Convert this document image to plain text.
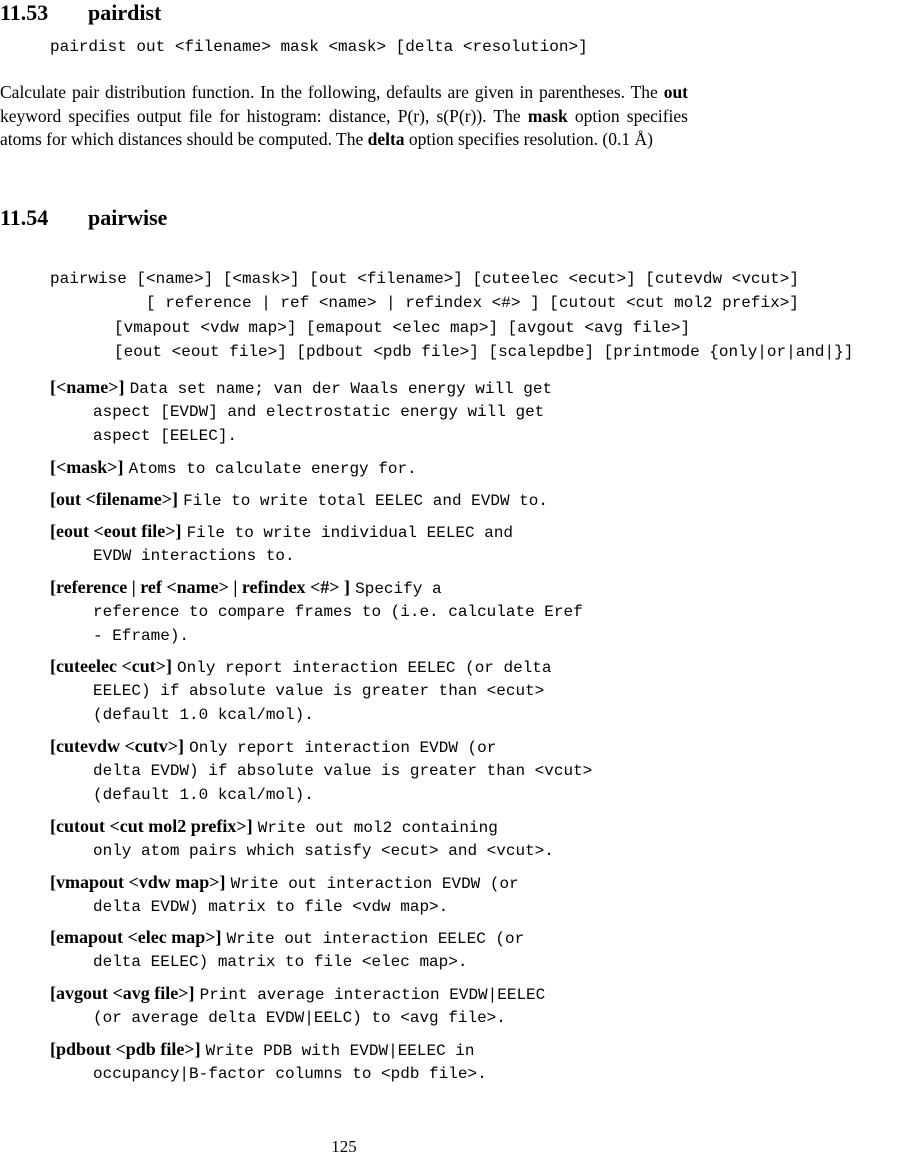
11.53 pairdist
pairdist out <filename> mask <mask> [delta <resolution>]

Calculate pair distribution function. In the following, defaults are given in parentheses. The out keyword specifies output file for histogram: distance, P(r), s(P(r)). The mask option specifies atoms for which distances should be computed. The delta option specifies resolution. (0.1 Å)

11.54 pairwise
pairwise [<name>] [<mask>] [out <filename>] [cuteelec <ecut>] [cutevdw <vcut>]
[ reference | ref <name> | refindex <#> ] [cutout <cut mol2 prefix>]
[vmapout <vdw map>] [emapout <elec map>] [avgout <avg file>]
[eout <eout file>] [pdbout <pdb file>] [scalepdbe] [printmode {only|or|and|}]
[<name>] Data set name; van der Waals energy will get
aspect [EVDW] and electrostatic energy will get
aspect [EELEC].
[<mask>] Atoms to calculate energy for.
[out <filename>] File to write total EELEC and EVDW to.
[eout <eout file>] File to write individual EELEC and
EVDW interactions to.
[reference | ref <name> | refindex <#> ] Specify a
reference to compare frames to (i.e. calculate Eref
- Eframe).
[cuteelec <cut>] Only report interaction EELEC (or delta
EELEC) if absolute value is greater than <ecut>
(default 1.0 kcal/mol).
[cutevdw <cutv>] Only report interaction EVDW (or
delta EVDW) if absolute value is greater than <vcut>
(default 1.0 kcal/mol).
[cutout <cut mol2 prefix>] Write out mol2 containing
only atom pairs which satisfy <ecut> and <vcut>.
[vmapout <vdw map>] Write out interaction EVDW (or
delta EVDW) matrix to file <vdw map>.
[emapout <elec map>] Write out interaction EELEC (or
delta EELEC) matrix to file <elec map>.
[avgout <avg file>] Print average interaction EVDW|EELEC
(or average delta EVDW|EELC) to <avg file>.
[pdbout <pdb file>] Write PDB with EVDW|EELEC in
occupancy|B-factor columns to <pdb file>.
125
